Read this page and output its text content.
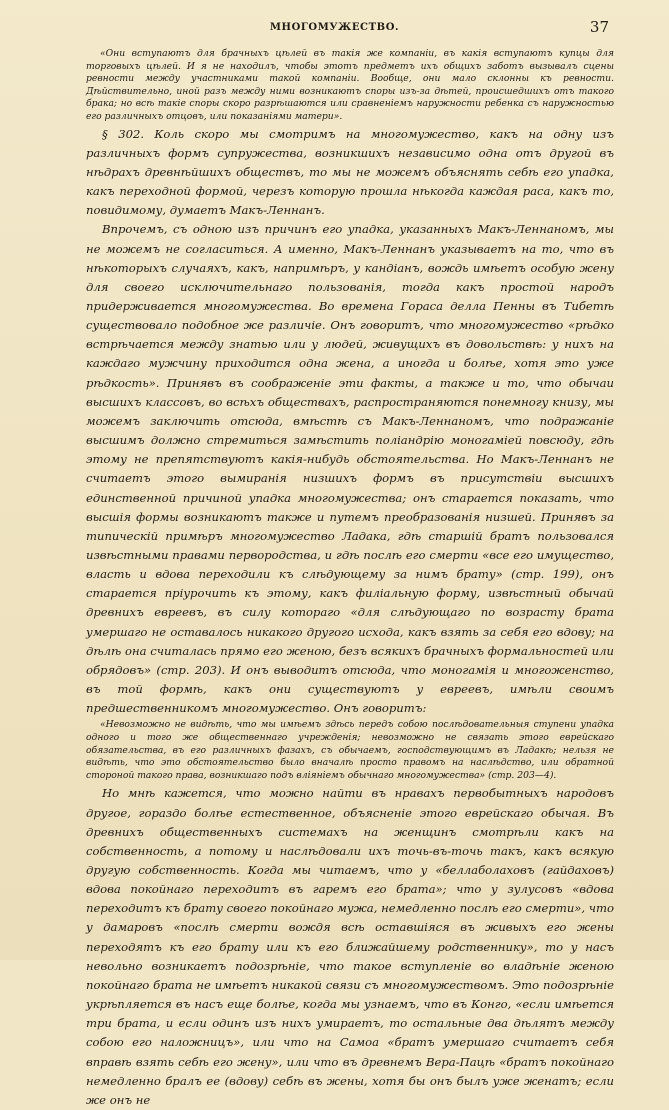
МНОГОМУЖЕСТВО.	37

«Они вступаютъ для брачныхъ цѣлей въ такія же компаніи, въ какія вступаютъ купцы для торговыхъ цѣлей. И я не находилъ, чтобы этотъ предметъ ихъ общихъ заботъ вызывалъ сцены ревности между участниками такой компаніи. Вообще, они мало склонны къ ревности. Дѣйствительно, иной разъ между ними возникаютъ споры изъ-за дѣтей, происшедшихъ отъ такого брака; но всѣ такіе споры скоро разрѣшаются или сравненіемъ наружности ребенка съ наружностью его различныхъ отцовъ, или показаніями матери».

§ 302. Коль скоро мы смотримъ на многомужество, какъ на одну изъ различныхъ формъ супружества, возникшихъ независимо одна отъ другой въ нѣдрахъ древнѣйшихъ обществъ, то мы не можемъ объяснять себѣ его упадка, какъ переходной формой, черезъ которую прошла нѣкогда каждая раса, какъ то, повидимому, думаетъ Макъ-Леннанъ.

Впрочемъ, съ одною изъ причинъ его упадка, указанныхъ Макъ-Леннаномъ, мы не можемъ не согласиться. А именно, Макъ-Леннанъ указываетъ на то, что въ нѣкоторыхъ случаяхъ, какъ, напримѣръ, у кандіанъ, вождь имѣетъ особую жену для своего исключительнаго пользованія, тогда какъ простой народъ придерживается многомужества. Во времена Гораса делла Пенны въ Тибетѣ существовало подобное же различіе. Онъ говоритъ, что многомужество «рѣдко встрѣчается между знатью или у людей, живущихъ въ довольствѣ: у нихъ на каждаго мужчину приходится одна жена, а иногда и болѣе, хотя это уже рѣдкость». Принявъ въ соображеніе эти факты, а также и то, что обычаи высшихъ классовъ, во всѣхъ обществахъ, распространяются понемногу книзу, мы можемъ заключить отсюда, вмѣстѣ съ Макъ-Леннаномъ, что подражаніе высшимъ должно стремиться замѣстить поліандрію моногаміей повсюду, гдѣ этому не препятствуютъ какія-нибудь обстоятельства. Но Макъ-Леннанъ не считаетъ этого вымиранія низшихъ формъ въ присутствіи высшихъ единственной причиной упадка многомужества; онъ старается показать, что высшія формы возникаютъ также и путемъ преобразованія низшей. Принявъ за типическій примѣръ многомужество Ладака, гдѣ старшій братъ пользовался извѣстными правами первородства, и гдѣ послѣ его смерти «все его имущество, власть и вдова переходили къ слѣдующему за нимъ брату» (стр. 199), онъ старается пріурочить къ этому, какъ филіальную форму, извѣстный обычай древнихъ евреевъ, въ силу котораго «для слѣдующаго по возрасту брата умершаго не оставалось никакого другого исхода, какъ взять за себя его вдову; на дѣлѣ она считалась прямо его женою, безъ всякихъ брачныхъ формальностей или обрядовъ» (стр. 203). И онъ выводитъ отсюда, что моногамія и многоженство, въ той формѣ, какъ они существуютъ у евреевъ, имѣли своимъ предшественникомъ многомужество. Онъ говоритъ:

«Невозможно не видѣть, что мы имѣемъ здѣсь передъ собою послѣдовательныя ступени упадка одного и того же общественнаго учрежденія; невозможно не связать этого еврейскаго обязательства, въ его различныхъ фазахъ, съ обычаемъ, господствующимъ въ Ладакѣ; нельзя не видѣть, что это обстоятельство было вначалѣ просто правомъ на наслѣдство, или обратной стороной такого права, возникшаго подъ вліяніемъ обычнаго многомужества» (стр. 203—4).

Но мнѣ кажется, что можно найти въ нравахъ первобытныхъ народовъ другое, гораздо болѣе естественное, объясненіе этого еврейскаго обычая. Въ древнихъ общественныхъ системахъ на женщинъ смотрѣли какъ на собственность, а потому и наслѣдовали ихъ точь-въ-точь такъ, какъ всякую другую собственность. Когда мы читаемъ, что у «беллаболаховъ (гайдаховъ) вдова покойнаго переходитъ въ гаремъ его брата»; что у зулусовъ «вдова переходитъ къ брату своего покойнаго мужа, немедленно послѣ его смерти», что у дамаровъ «послѣ смерти вождя всѣ оставшіяся въ живыхъ его жены переходятъ къ его брату или къ его ближайшему родственнику», то у насъ невольно возникаетъ подозрѣніе, что такое вступленіе во владѣніе женою покойнаго брата не имѣетъ никакой связи съ многомужествомъ. Это подозрѣніе укрѣпляется въ насъ еще болѣе, когда мы узнаемъ, что въ Конго, «если имѣется три брата, и если одинъ изъ нихъ умираетъ, то остальные два дѣлятъ между собою его наложницъ», или что на Самоа «братъ умершаго считаетъ себя вправѣ взять себѣ его жену», или что въ древнемъ Вера-Пацѣ «братъ покойнаго немедленно бралъ ее (вдову) себѣ въ жены, хотя бы онъ былъ уже женатъ; если же онъ не
